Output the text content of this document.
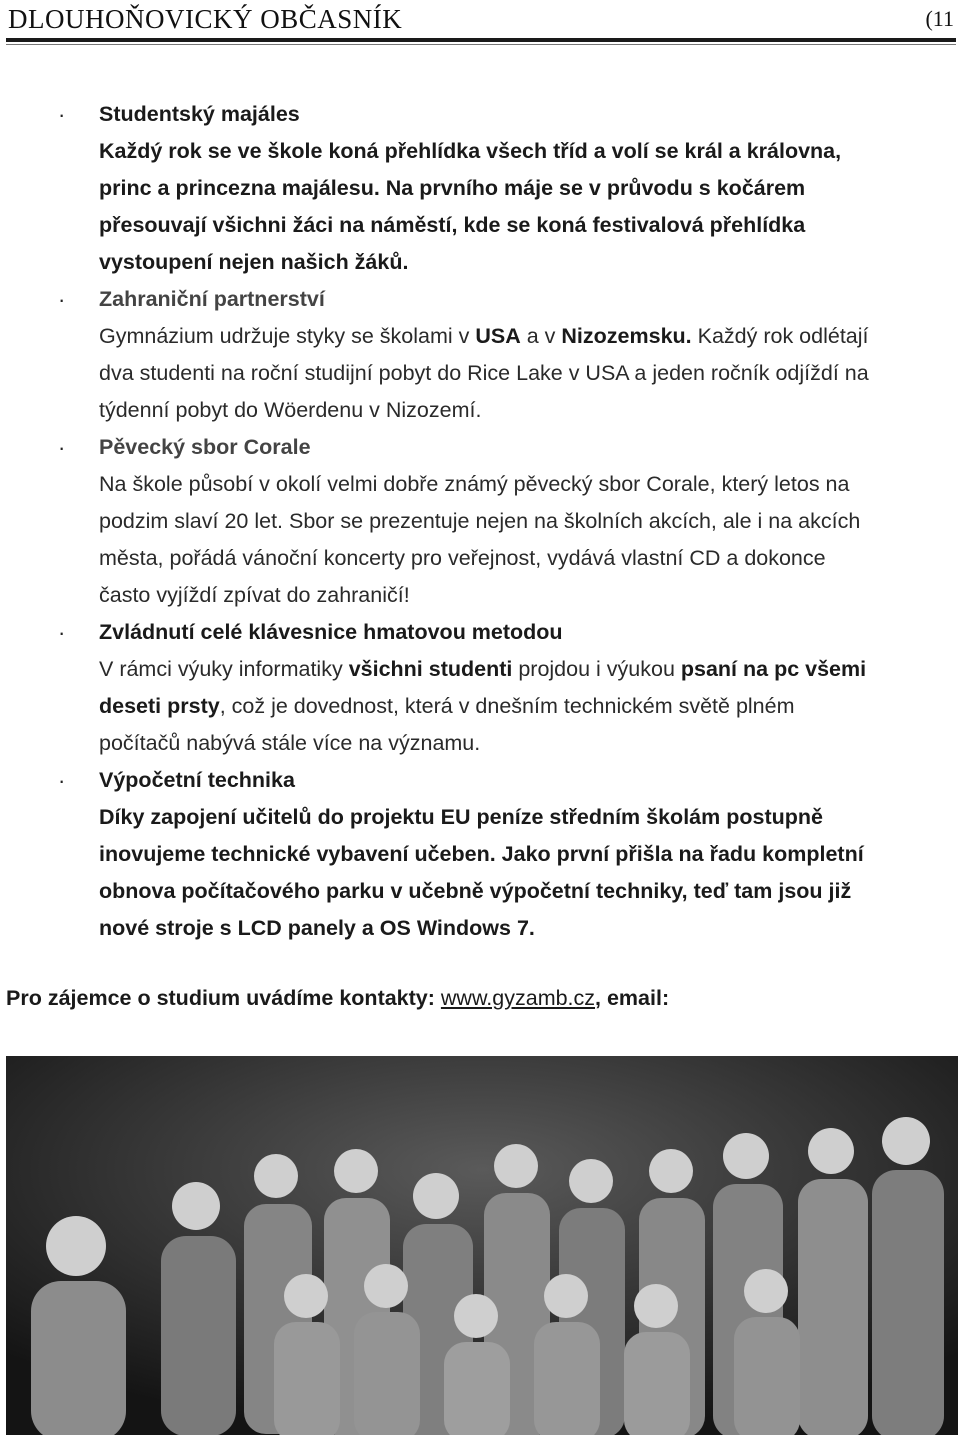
DLOUHOŇOVICKÝ OBČASNÍK	(11
· Studentský majáles
Každý rok se ve škole koná přehlídka všech tříd a volí se král a královna,
princ a princezna majálesu. Na prvního máje se v průvodu s kočárem
přesouvají všichni žáci na náměstí, kde se koná festivalová přehlídka
vystoupení nejen našich žáků.
· Zahraniční partnerství
Gymnázium udržuje styky se školami v USA a v Nizozemsku. Každý rok odlétají
dva studenti na roční studijní pobyt do Rice Lake v USA a jeden ročník odjíždí na
týdenní pobyt do Wöerdenu v Nizozemí.
· Pěvecký sbor Corale
Na škole působí v okolí velmi dobře známý pěvecký sbor Corale, který letos na
podzim slaví 20 let. Sbor se prezentuje nejen na školních akcích, ale i na akcích
města, pořádá vánoční koncerty pro veřejnost, vydává vlastní CD a dokonce
často vyjíždí zpívat do zahraničí!
· Zvládnutí celé klávesnice hmatovou metodou
V rámci výuky informatiky všichni studenti projdou i výukou psaní na pc všemi
deseti prsty, což je dovednost, která v dnešním technickém světě plném
počítačů nabývá stále více na významu.
· Výpočetní technika
Díky zapojení učitelů do projektu EU peníze středním školám postupně
inovujeme technické vybavení učeben. Jako první přišla na řadu kompletní
obnova počítačového parku v učebně výpočetní techniky, teď tam jsou již
nové stroje s LCD panely a OS Windows 7.
Pro zájemce o studium uvádíme kontakty: www.gyzamb.cz, email:
